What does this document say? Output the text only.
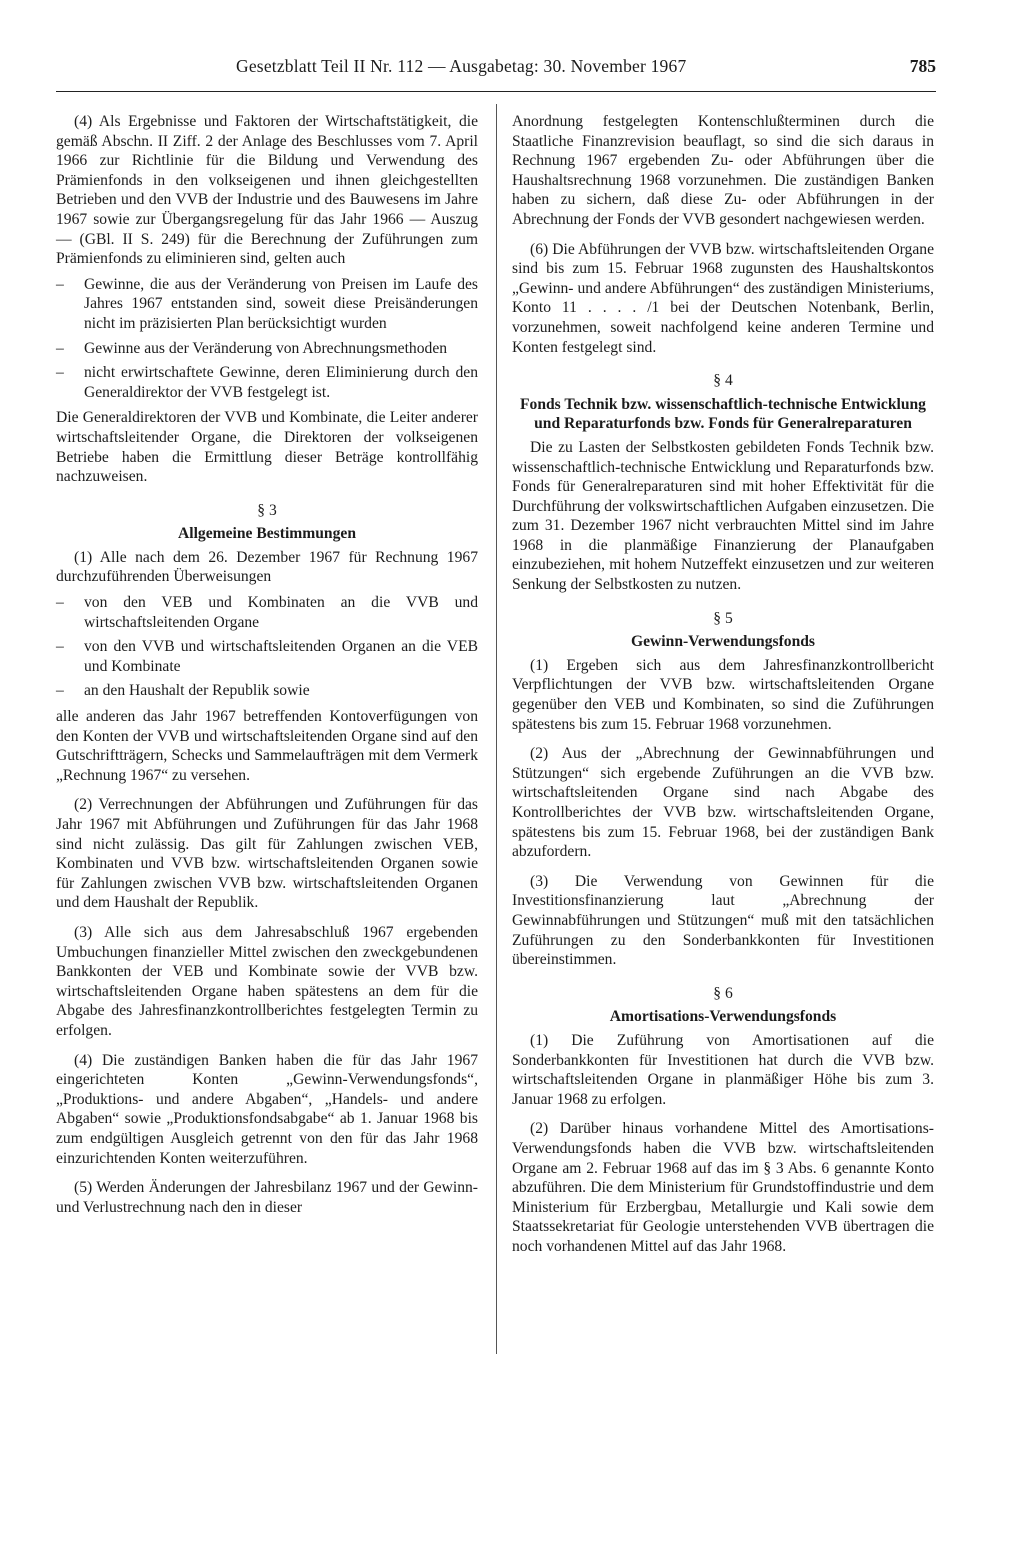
Gesetzblatt Teil II Nr. 112 — Ausgabetag: 30. November 1967	785

(4) Als Ergebnisse und Faktoren der Wirtschaftstätigkeit, die gemäß Abschn. II Ziff. 2 der Anlage des Beschlusses vom 7. April 1966 zur Richtlinie für die Bildung und Verwendung des Prämienfonds in den volkseigenen und ihnen gleichgestellten Betrieben und den VVB der Industrie und des Bauwesens im Jahre 1967 sowie zur Übergangsregelung für das Jahr 1966 — Auszug — (GBl. II S. 249) für die Berechnung der Zuführungen zum Prämienfonds zu eliminieren sind, gelten auch

– Gewinne, die aus der Veränderung von Preisen im Laufe des Jahres 1967 entstanden sind, soweit diese Preisänderungen nicht im präzisierten Plan berücksichtigt wurden
– Gewinne aus der Veränderung von Abrechnungsmethoden
– nicht erwirtschaftete Gewinne, deren Eliminierung durch den Generaldirektor der VVB festgelegt ist.

Die Generaldirektoren der VVB und Kombinate, die Leiter anderer wirtschaftsleitender Organe, die Direktoren der volkseigenen Betriebe haben die Ermittlung dieser Beträge kontrollfähig nachzuweisen.

§ 3
Allgemeine Bestimmungen

(1) Alle nach dem 26. Dezember 1967 für Rechnung 1967 durchzuführenden Überweisungen

– von den VEB und Kombinaten an die VVB und wirtschaftsleitenden Organe
– von den VVB und wirtschaftsleitenden Organen an die VEB und Kombinate
– an den Haushalt der Republik sowie

alle anderen das Jahr 1967 betreffenden Kontoverfügungen von den Konten der VVB und wirtschaftsleitenden Organe sind auf den Gutschriftträgern, Schecks und Sammelaufträgen mit dem Vermerk „Rechnung 1967“ zu versehen.

(2) Verrechnungen der Abführungen und Zuführungen für das Jahr 1967 mit Abführungen und Zuführungen für das Jahr 1968 sind nicht zulässig. Das gilt für Zahlungen zwischen VEB, Kombinaten und VVB bzw. wirtschaftsleitenden Organen sowie für Zahlungen zwischen VVB bzw. wirtschaftsleitenden Organen und dem Haushalt der Republik.

(3) Alle sich aus dem Jahresabschluß 1967 ergebenden Umbuchungen finanzieller Mittel zwischen den zweckgebundenen Bankkonten der VEB und Kombinate sowie der VVB bzw. wirtschaftsleitenden Organe haben spätestens an dem für die Abgabe des Jahresfinanzkontrollberichtes festgelegten Termin zu erfolgen.

(4) Die zuständigen Banken haben die für das Jahr 1967 eingerichteten Konten „Gewinn-Verwendungsfonds“, „Produktions- und andere Abgaben“, „Handels- und andere Abgaben“ sowie „Produktionsfondsabgabe“ ab 1. Januar 1968 bis zum endgültigen Ausgleich getrennt von den für das Jahr 1968 einzurichtenden Konten weiterzuführen.

(5) Werden Änderungen der Jahresbilanz 1967 und der Gewinn- und Verlustrechnung nach den in dieser

Anordnung festgelegten Kontenschlußterminen durch die Staatliche Finanzrevision beauflagt, so sind die sich daraus in Rechnung 1967 ergebenden Zu- oder Abführungen über die Haushaltsrechnung 1968 vorzunehmen. Die zuständigen Banken haben zu sichern, daß diese Zu- oder Abführungen in der Abrechnung der Fonds der VVB gesondert nachgewiesen werden.

(6) Die Abführungen der VVB bzw. wirtschaftsleitenden Organe sind bis zum 15. Februar 1968 zugunsten des Haushaltskontos „Gewinn- und andere Abführungen“ des zuständigen Ministeriums, Konto 11 . . . . /1 bei der Deutschen Notenbank, Berlin, vorzunehmen, soweit nachfolgend keine anderen Termine und Konten festgelegt sind.

§ 4
Fonds Technik bzw. wissenschaftlich-technische Entwicklung und Reparaturfonds bzw. Fonds für Generalreparaturen

Die zu Lasten der Selbstkosten gebildeten Fonds Technik bzw. wissenschaftlich-technische Entwicklung und Reparaturfonds bzw. Fonds für Generalreparaturen sind mit hoher Effektivität für die Durchführung der volkswirtschaftlichen Aufgaben einzusetzen. Die zum 31. Dezember 1967 nicht verbrauchten Mittel sind im Jahre 1968 in die planmäßige Finanzierung der Planaufgaben einzubeziehen, mit hohem Nutzeffekt einzusetzen und zur weiteren Senkung der Selbstkosten zu nutzen.

§ 5
Gewinn-Verwendungsfonds

(1) Ergeben sich aus dem Jahresfinanzkontrollbericht Verpflichtungen der VVB bzw. wirtschaftsleitenden Organe gegenüber den VEB und Kombinaten, so sind die Zuführungen spätestens bis zum 15. Februar 1968 vorzunehmen.

(2) Aus der „Abrechnung der Gewinnabführungen und Stützungen“ sich ergebende Zuführungen an die VVB bzw. wirtschaftsleitenden Organe sind nach Abgabe des Kontrollberichtes der VVB bzw. wirtschaftsleitenden Organe, spätestens bis zum 15. Februar 1968, bei der zuständigen Bank abzufordern.

(3) Die Verwendung von Gewinnen für die Investitionsfinanzierung laut „Abrechnung der Gewinnabführungen und Stützungen“ muß mit den tatsächlichen Zuführungen zu den Sonderbankkonten für Investitionen übereinstimmen.

§ 6
Amortisations-Verwendungsfonds

(1) Die Zuführung von Amortisationen auf die Sonderbankkonten für Investitionen hat durch die VVB bzw. wirtschaftsleitenden Organe in planmäßiger Höhe bis zum 3. Januar 1968 zu erfolgen.

(2) Darüber hinaus vorhandene Mittel des Amortisations-Verwendungsfonds haben die VVB bzw. wirtschaftsleitenden Organe am 2. Februar 1968 auf das im § 3 Abs. 6 genannte Konto abzuführen. Die dem Ministerium für Grundstoffindustrie und dem Ministerium für Erzbergbau, Metallurgie und Kali sowie dem Staatssekretariat für Geologie unterstehenden VVB übertragen die noch vorhandenen Mittel auf das Jahr 1968.
